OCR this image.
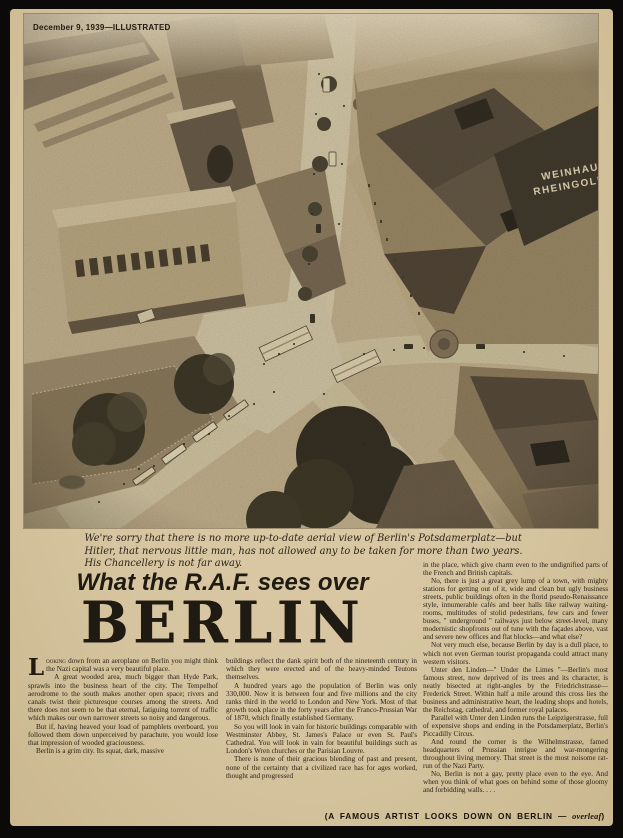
December 9, 1939—ILLUSTRATED
We're sorry that there is no more up-to-date aerial view of Berlin's Potsdamerplatz—but Hitler, that nervous little man, has not allowed any to be taken for more than two years. His Chancellery is not far away.
What the R.A.F. sees over
BERLIN

Looking down from an aeroplane on Berlin you might think the Nazi capital was a very beautiful place.

A great wooded area, much bigger than Hyde Park, sprawls into the business heart of the city. The Tempelhof aerodrome to the south makes another open space; rivers and canals twist their picturesque courses among the streets. And there does not seem to be that eternal, fatiguing torrent of traffic which makes our own narrower streets so noisy and dangerous.

But if, having heaved your load of pamphlets overboard, you followed them down unperceived by parachute, you would lose that impression of wooded graciousness.

Berlin is a grim city. Its squat, dark, massive

buildings reflect the dank spirit both of the nineteenth century in which they were erected and of the heavy-minded Teutons themselves.

A hundred years ago the population of Berlin was only 330,000. Now it is between four and five millions and the city ranks third in the world to London and New York. Most of that growth took place in the forty years after the Franco-Prussian War of 1870, which finally established Germany.

So you will look in vain for historic buildings comparable with Westminster Abbey, St. James's Palace or even St. Paul's Cathedral. You will look in vain for beautiful buildings such as London's Wren churches or the Parisian Louvre.

There is none of their gracious blending of past and present, none of the certainty that a civilized race has for ages worked, thought and progressed

in the place, which give charm even to the undignified parts of the French and British capitals.

No, there is just a great grey lump of a town, with mighty stations for getting out of it, wide and clean but ugly business streets, public buildings often in the florid pseudo-Renaissance style, innumerable cafés and beer halls like railway waiting-rooms, multitudes of stolid pedestrians, few cars and fewer buses, " underground " railways just below street-level, many modernistic shopfronts out of tune with the façades above, vast and severe new offices and flat blocks—and what else?

Not very much else, because Berlin by day is a dull place, to which not even German tourist propaganda could attract many western visitors.

Unter den Linden—" Under the Limes "—Berlin's most famous street, now deprived of its trees and its character, is neatly bisected at right-angles by the Friedrichstrasse—Frederick Street. Within half a mile around this cross lies the business and administrative heart, the leading shops and hotels, the Reichstag, cathedral, and former royal palaces.

Parallel with Unter den Linden runs the Leipzigerstrasse, full of expensive shops and ending in the Potsdamerplatz, Berlin's Piccadilly Circus.

And round the corner is the Wilhelmstrasse, famed headquarters of Prussian intrigue and war-mongering throughout living memory. That street is the most noisome rat-run of the Nazi Party.

No, Berlin is not a gay, pretty place even to the eye. And when you think of what goes on behind some of those gloomy and forbidding walls. . . .

(A FAMOUS ARTIST LOOKS DOWN ON BERLIN — overleaf)
